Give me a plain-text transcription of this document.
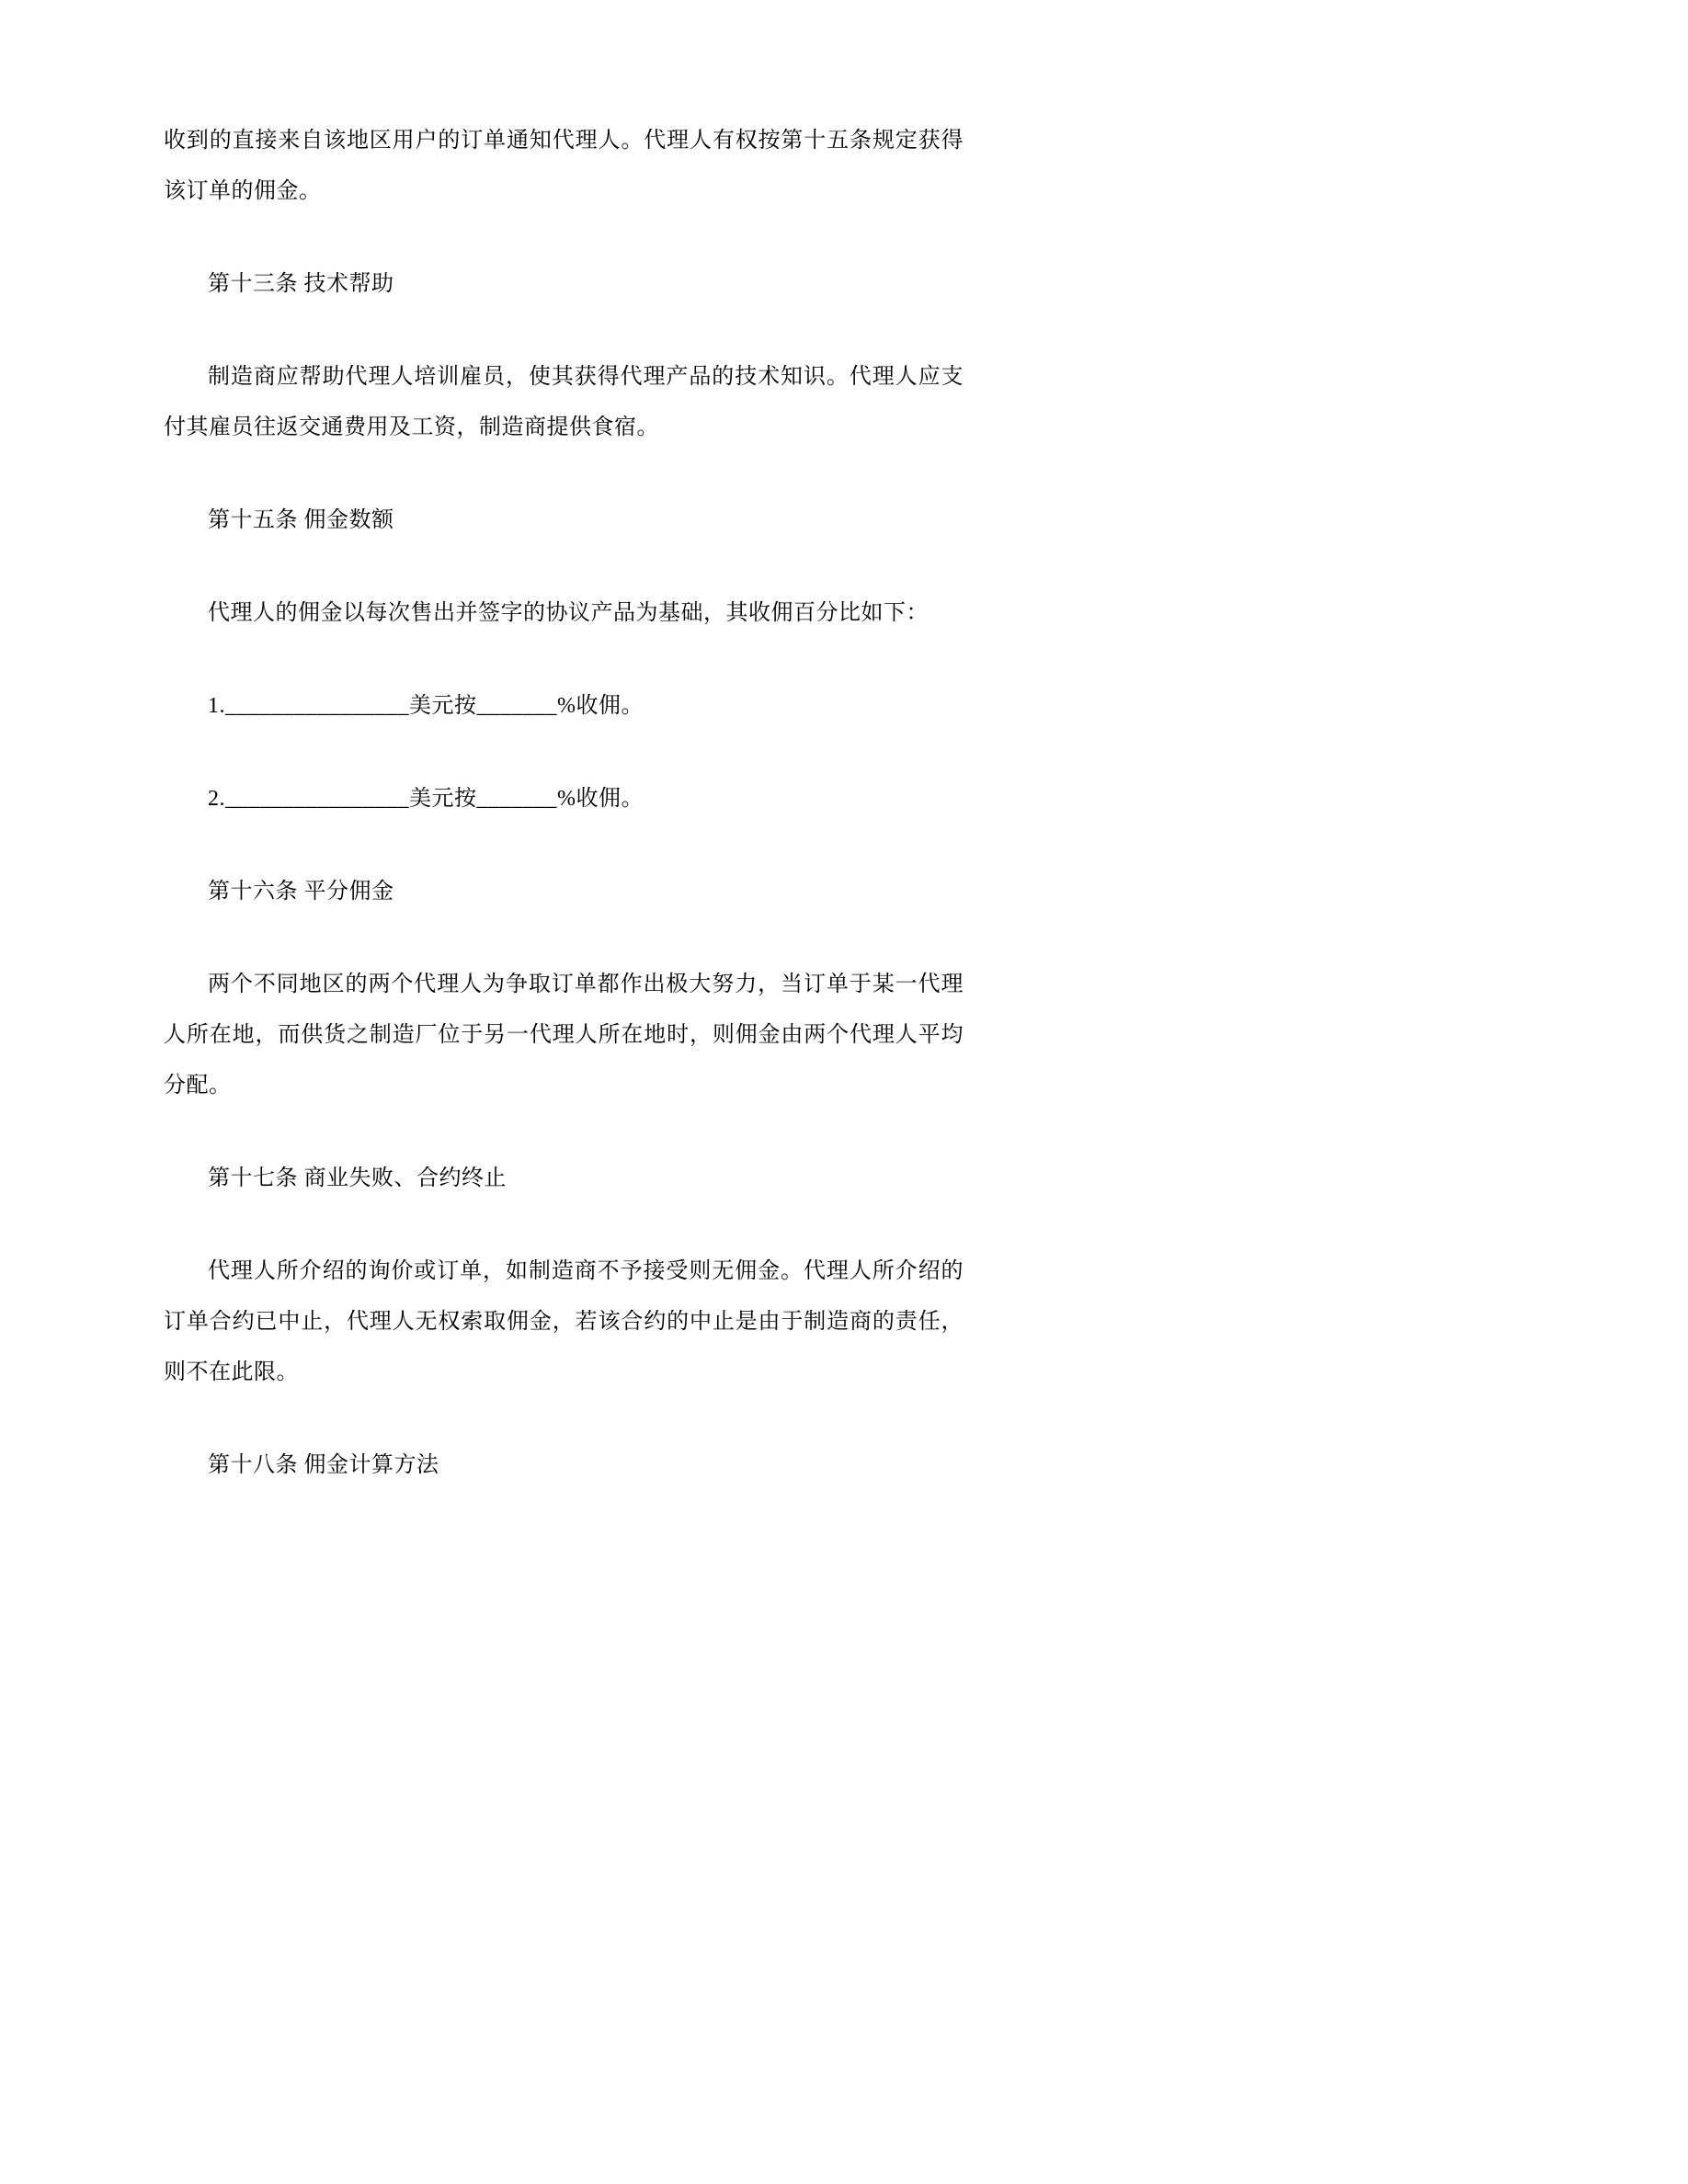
收到的直接来自该地区用户的订单通知代理人。代理人有权按第十五条规定获得该订单的佣金。

第十三条 技术帮助

制造商应帮助代理人培训雇员，使其获得代理产品的技术知识。代理人应支付其雇员往返交通费用及工资，制造商提供食宿。

第十五条 佣金数额

代理人的佣金以每次售出并签字的协议产品为基础，其收佣百分比如下：

1.________________美元按_______%收佣。

2.________________美元按_______%收佣。

第十六条 平分佣金

两个不同地区的两个代理人为争取订单都作出极大努力，当订单于某一代理人所在地，而供货之制造厂位于另一代理人所在地时，则佣金由两个代理人平均分配。

第十七条 商业失败、合约终止

代理人所介绍的询价或订单，如制造商不予接受则无佣金。代理人所介绍的订单合约已中止，代理人无权索取佣金，若该合约的中止是由于制造商的责任，则不在此限。

第十八条 佣金计算方法
